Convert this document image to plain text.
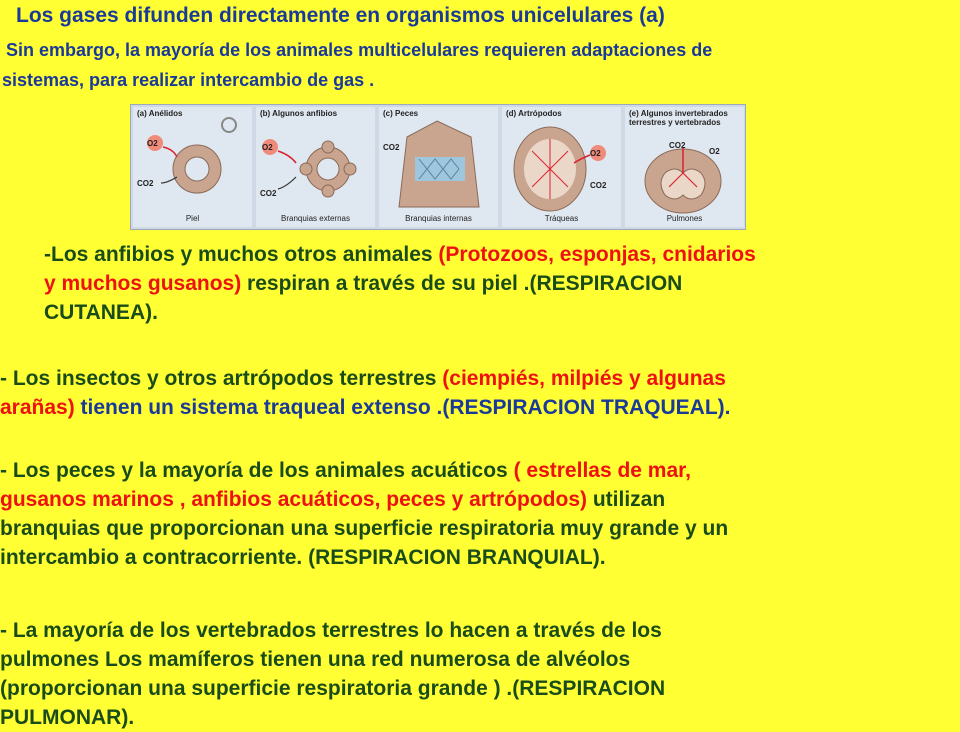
Los gases difunden directamente en organismos unicelulares (a)
Sin embargo, la mayoría de los animales multicelulares requieren adaptaciones de
sistemas, para realizar intercambio de gas .
(a) Anélidos
O2
CO2
Piel
(b) Algunos anfibios
O2
CO2
Branquias externas
(c) Peces
CO2
Branquias internas
(d) Artrópodos
O2
CO2
Tráqueas
(e) Algunos invertebrados terrestres y vertebrados
CO2
O2
Pulmones
-Los anfibios y muchos otros animales (Protozoos, esponjas, cnidarios
y muchos gusanos) respiran a través de su piel .(RESPIRACION
CUTANEA).
- Los insectos y otros artrópodos terrestres (ciempiés, milpiés y algunas
arañas) tienen un sistema traqueal extenso .(RESPIRACION TRAQUEAL).
- Los peces y la mayoría de los animales acuáticos ( estrellas de mar,
gusanos marinos , anfibios acuáticos, peces y artrópodos) utilizan
branquias que proporcionan una superficie respiratoria muy grande y un
intercambio a contracorriente. (RESPIRACION BRANQUIAL).
- La mayoría de los vertebrados terrestres lo hacen a través de los
pulmones Los mamíferos tienen una red numerosa de alvéolos
(proporcionan una superficie respiratoria grande ) .(RESPIRACION
PULMONAR).
